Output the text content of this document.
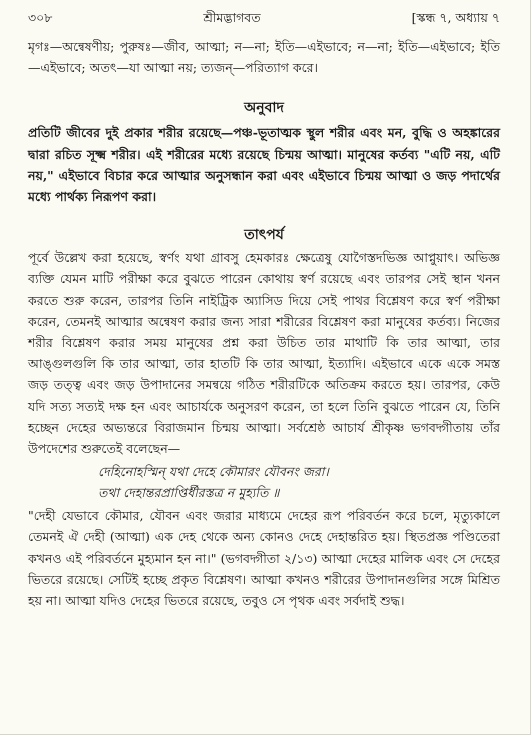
৩০৮	শ্রীমদ্ভাগবত	[স্কন্ধ ৭, অধ্যায় ৭

মৃগঃ—অন্বেষণীয়; পুরুষঃ—জীব, আত্মা; ন—না; ইতি—এইভাবে; ন—না; ইতি—এইভাবে; ইতি—এইভাবে; অতৎ—যা আত্মা নয়; ত্যজন্—পরিত্যাগ করে।

অনুবাদ

প্রতিটি জীবের দুই প্রকার শরীর রয়েছে—পঞ্চ-ভূতাত্মক স্থুল শরীর এবং মন, বুদ্ধি ও অহঙ্কারের দ্বারা রচিত সূক্ষ্ম শরীর। এই শরীরের মধ্যে রয়েছে চিন্ময় আত্মা। মানুষের কর্তব্য "এটি নয়, এটি নয়," এইভাবে বিচার করে আত্মার অনুসন্ধান করা এবং এইভাবে চিন্ময় আত্মা ও জড় পদার্থের মধ্যে পার্থক্য নিরূপণ করা।

তাৎপর্য

পূর্বে উল্লেখ করা হয়েছে, স্বর্ণং যথা গ্রাবসু হেমকারঃ ক্ষেত্রেষু যোগৈস্তদভিজ্ঞ আপ্নুয়াৎ। অভিজ্ঞ ব্যক্তি যেমন মাটি পরীক্ষা করে বুঝতে পারেন কোথায় স্বর্ণ রয়েছে এবং তারপর সেই স্থান খনন করতে শুরু করেন, তারপর তিনি নাইট্রিক অ্যাসিড দিয়ে সেই পাথর বিশ্লেষণ করে স্বর্ণ পরীক্ষা করেন, তেমনই আত্মার অন্বেষণ করার জন্য সারা শরীরের বিশ্লেষণ করা মানুষের কর্তব্য। নিজের শরীর বিশ্লেষণ করার সময় মানুষের প্রশ্ন করা উচিত তার মাথাটি কি তার আত্মা, তার আঙ্গুলগুলি কি তার আত্মা, তার হাতটি কি তার আত্মা, ইত্যাদি। এইভাবে একে একে সমস্ত জড় তত্ত্ব এবং জড় উপাদানের সমন্বয়ে গঠিত শরীরটিকে অতিক্রম করতে হয়। তারপর, কেউ যদি সত্য সত্যই দক্ষ হন এবং আচার্যকে অনুসরণ করেন, তা হলে তিনি বুঝতে পারেন যে, তিনি হচ্ছেন দেহের অভ্যন্তরে বিরাজমান চিন্ময় আত্মা। সর্বশ্রেষ্ঠ আচার্য শ্রীকৃষ্ণ ভগবদ্গীতায় তাঁর উপদেশের শুরুতেই বলেছেন—

দেহিনোহস্মিন্ যথা দেহে কৌমারং যৌবনং জরা।
তথা দেহান্তরপ্রাপ্তির্ধীরস্তত্র ন মুহ্যতি ॥

"দেহী যেভাবে কৌমার, যৌবন এবং জরার মাধ্যমে দেহের রূপ পরিবর্তন করে চলে, মৃত্যুকালে তেমনই ঐ দেহী (আত্মা) এক দেহ থেকে অন্য কোনও দেহে দেহান্তরিত হয়। স্থিতপ্রজ্ঞ পণ্ডিতেরা কখনও এই পরিবর্তনে মুহ্যমান হন না।" (ভগবদ্গীতা ২/১৩) আত্মা দেহের মালিক এবং সে দেহের ভিতরে রয়েছে। সেটিই হচ্ছে প্রকৃত বিশ্লেষণ। আত্মা কখনও শরীরের উপাদানগুলির সঙ্গে মিশ্রিত হয় না। আত্মা যদিও দেহের ভিতরে রয়েছে, তবুও সে পৃথক এবং সর্বদাই শুদ্ধ।
